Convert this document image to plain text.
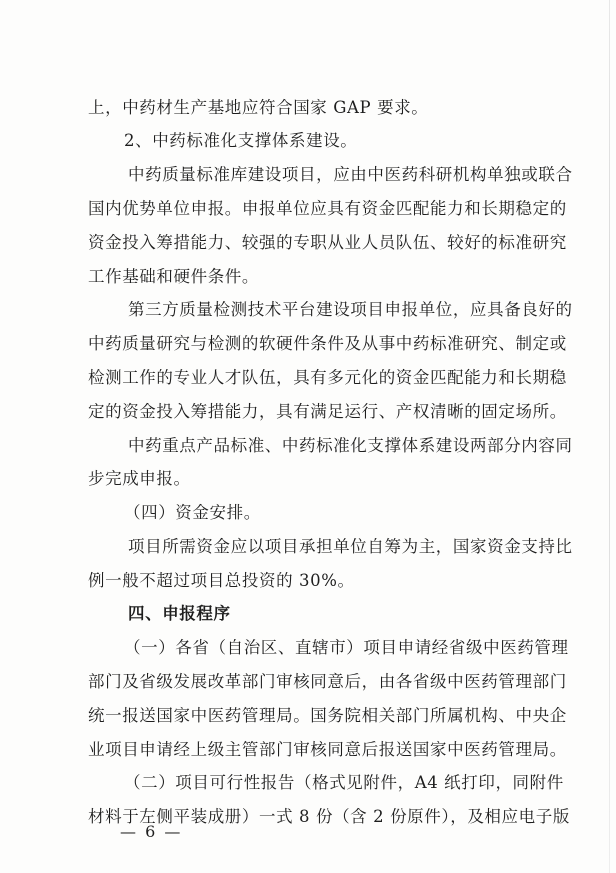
上，中药材生产基地应符合国家 GAP 要求。
2、中药标准化支撑体系建设。
中药质量标准库建设项目，应由中医药科研机构单独或联合
国内优势单位申报。申报单位应具有资金匹配能力和长期稳定的
资金投入筹措能力、较强的专职从业人员队伍、较好的标准研究
工作基础和硬件条件。
第三方质量检测技术平台建设项目申报单位，应具备良好的
中药质量研究与检测的软硬件条件及从事中药标准研究、制定或
检测工作的专业人才队伍，具有多元化的资金匹配能力和长期稳
定的资金投入筹措能力，具有满足运行、产权清晰的固定场所。
中药重点产品标准、中药标准化支撑体系建设两部分内容同
步完成申报。
（四）资金安排。
项目所需资金应以项目承担单位自筹为主，国家资金支持比
例一般不超过项目总投资的 30%。
四、申报程序
（一）各省（自治区、直辖市）项目申请经省级中医药管理
部门及省级发展改革部门审核同意后，由各省级中医药管理部门
统一报送国家中医药管理局。国务院相关部门所属机构、中央企
业项目申请经上级主管部门审核同意后报送国家中医药管理局。
（二）项目可行性报告（格式见附件，A4 纸打印，同附件
材料于左侧平装成册）一式 8 份（含 2 份原件），及相应电子版
— 6 —
